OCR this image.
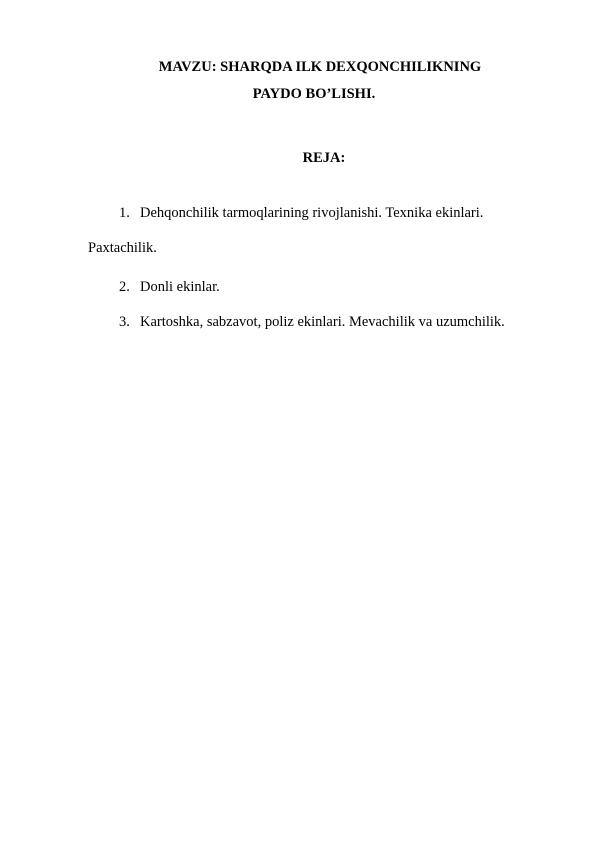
MAVZU: SHARQDA ILK DEXQONCHILIKNING
PAYDO BO’LISHI.
REJA:
1. Dehqonchilik tarmoqlarining rivojlanishi. Texnika ekinlari.
Paxtachilik.
2. Donli ekinlar.
3. Kartoshka, sabzavot, poliz ekinlari. Mevachilik va uzumchilik.
